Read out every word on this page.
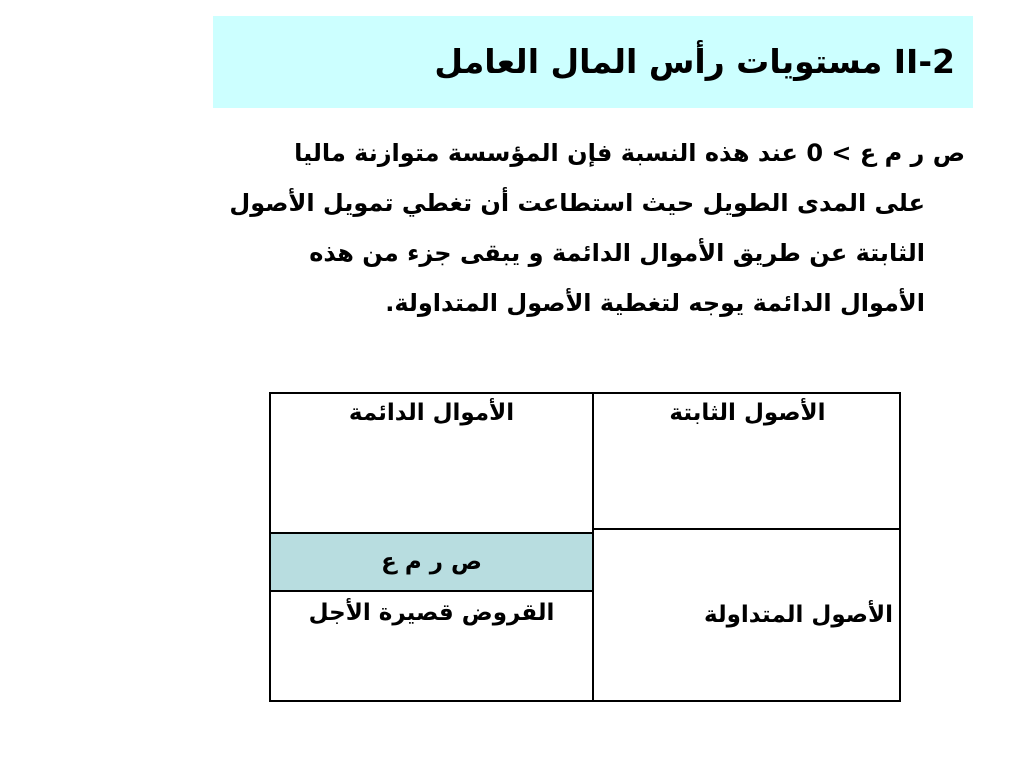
II-2 مستويات رأس المال العامل
ص ر م ع > 0 عند هذه النسبة فإن المؤسسة متوازنة ماليا
على المدى الطويل حيث استطاعت أن تغطي تمويل الأصول
الثابتة عن طريق الأموال الدائمة و يبقى جزء من هذه
الأموال الدائمة يوجه لتغطية الأصول المتداولة.
الأصول الثابتة
الأموال الدائمة
ص ر م ع
الأصول المتداولة
القروض قصيرة الأجل
